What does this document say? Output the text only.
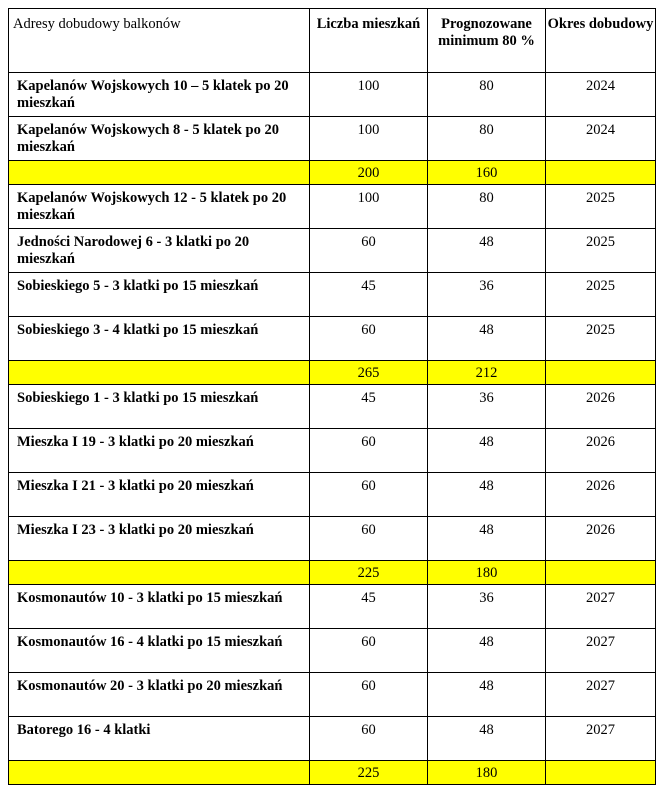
Adresy dobudowy balkonów	Liczba mieszkań	Prognozowane minimum 80 %	Okres dobudowy
Kapelanów Wojskowych 10 – 5 klatek po 20 mieszkań	100	80	2024
Kapelanów Wojskowych 8 - 5 klatek po 20 mieszkań	100	80	2024
	200	160	
Kapelanów Wojskowych 12 - 5 klatek po 20 mieszkań	100	80	2025
Jedności Narodowej 6 - 3 klatki po 20 mieszkań	60	48	2025
Sobieskiego 5 - 3 klatki po 15 mieszkań	45	36	2025
Sobieskiego 3 - 4 klatki po 15 mieszkań	60	48	2025
	265	212	
Sobieskiego 1 - 3 klatki po 15 mieszkań	45	36	2026
Mieszka I 19 - 3 klatki po 20 mieszkań	60	48	2026
Mieszka I 21 - 3 klatki po 20 mieszkań	60	48	2026
Mieszka I 23 - 3 klatki po 20 mieszkań	60	48	2026
	225	180	
Kosmonautów 10 - 3 klatki po 15 mieszkań	45	36	2027
Kosmonautów 16 - 4 klatki po 15 mieszkań	60	48	2027
Kosmonautów 20 - 3 klatki po 20 mieszkań	60	48	2027
Batorego 16 - 4 klatki	60	48	2027
	225	180	
